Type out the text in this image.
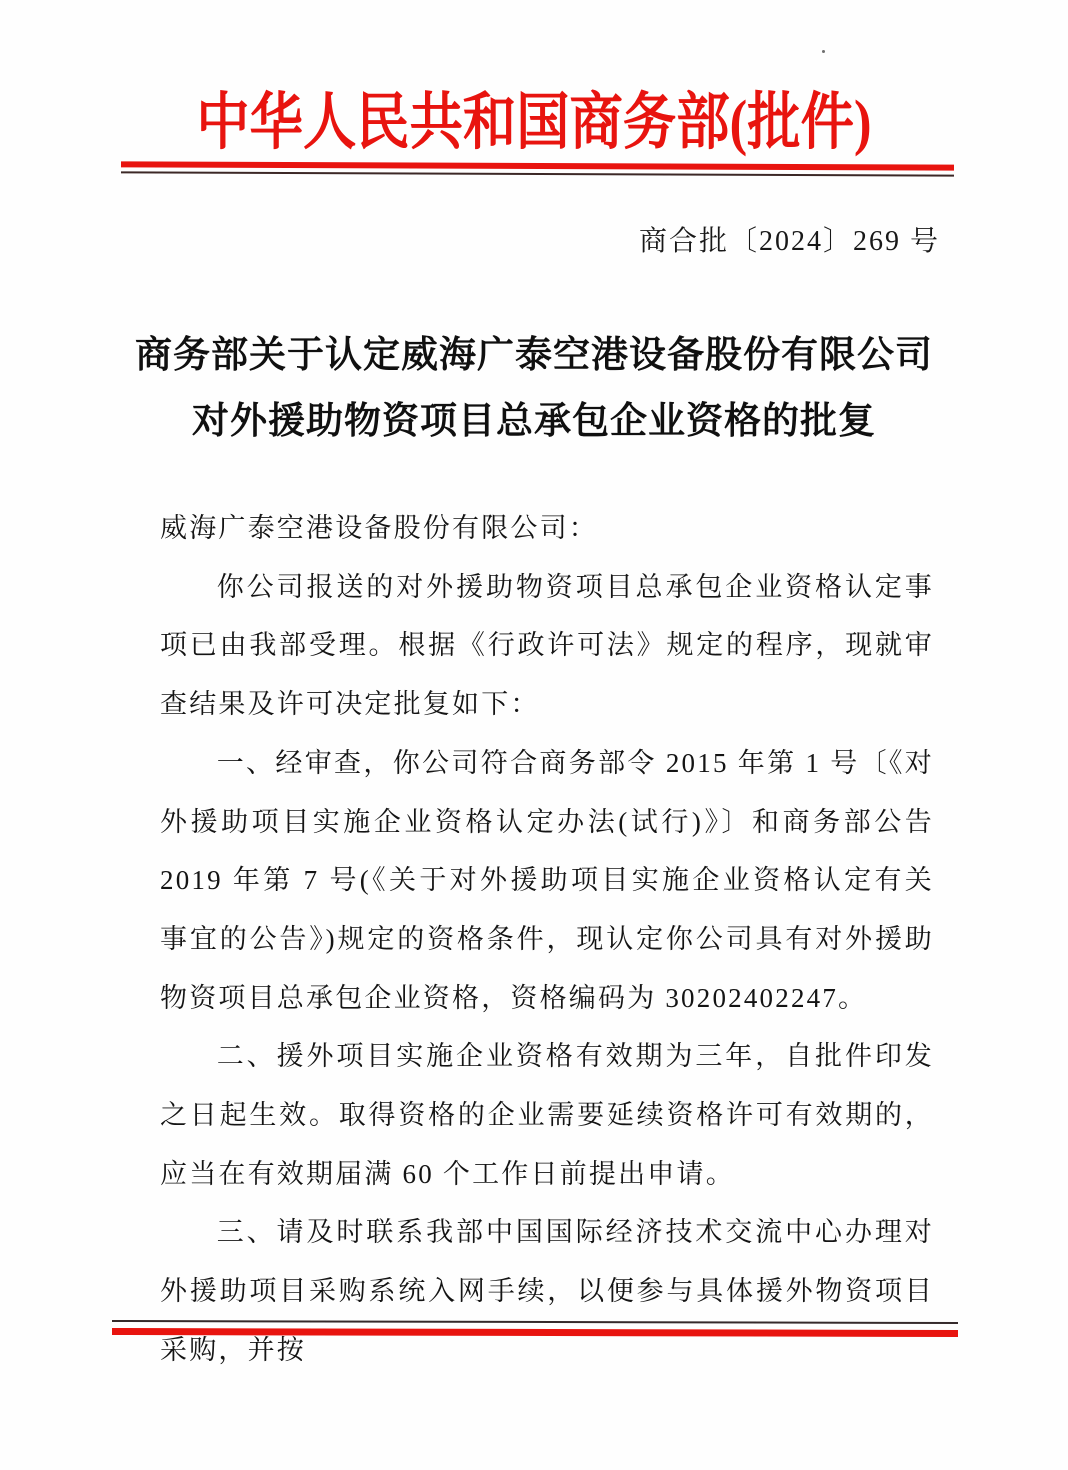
中华人民共和国商务部(批件)
商合批〔2024〕269 号
商务部关于认定威海广泰空港设备股份有限公司
对外援助物资项目总承包企业资格的批复

威海广泰空港设备股份有限公司：

你公司报送的对外援助物资项目总承包企业资格认定事项已由我部受理。根据《行政许可法》规定的程序，现就审查结果及许可决定批复如下：

一、经审查，你公司符合商务部令 2015 年第 1 号〔《对外援助项目实施企业资格认定办法(试行)》〕和商务部公告 2019 年第 7 号(《关于对外援助项目实施企业资格认定有关事宜的公告》)规定的资格条件，现认定你公司具有对外援助物资项目总承包企业资格，资格编码为 30202402247。

二、援外项目实施企业资格有效期为三年，自批件印发之日起生效。取得资格的企业需要延续资格许可有效期的，应当在有效期届满 60 个工作日前提出申请。

三、请及时联系我部中国国际经济技术交流中心办理对外援助项目采购系统入网手续，以便参与具体援外物资项目采购，并按
